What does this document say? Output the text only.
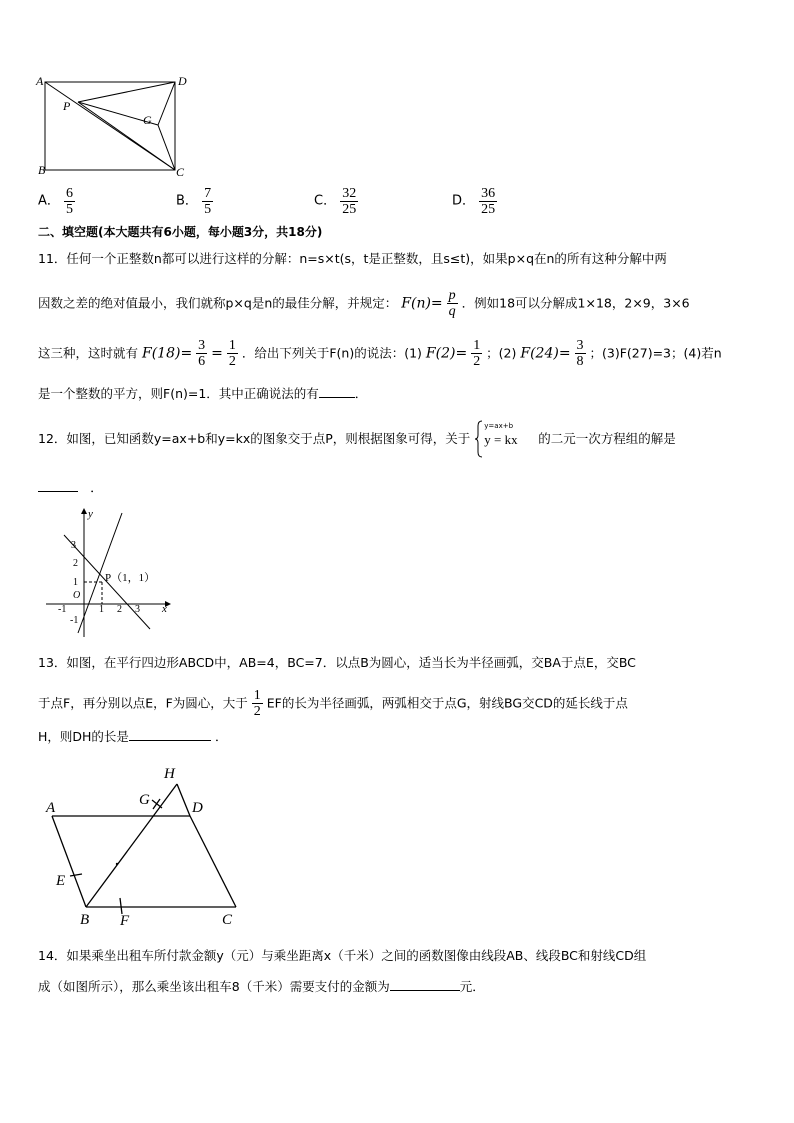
A	D
B	C
P
G
A． $\frac{6}{5}$	B． $\frac{7}{5}$	C． $\frac{32}{25}$	D． $\frac{36}{25}$
二、填空题(本大题共有6小题，每小题3分，共18分)
11．任何一个正整数n都可以进行这样的分解：n=s×t(s，t是正整数，且s≤t)，如果p×q在n的所有这种分解中两
因数之差的绝对值最小，我们就称p×q是n的最佳分解，并规定： $F(n)= \frac{p}{q}$ ．例如18可以分解成1×18，2×9，3×6
这三种，这时就有 $F(18)= \frac{3}{6} = \frac{1}{2}$ ．给出下列关于F(n)的说法：(1) $F(2)= \frac{1}{2}$ ；(2) $F(24)= \frac{3}{8}$ ；(3)F(27)=3；(4)若n
是一个整数的平方，则F(n)=1．其中正确说法的有	．
12．如图，已知函数y=ax+b和y=kx的图象交于点P，则根据图象可得，关于
y=ax+b
y = kx 的二元一次方程组的解是
．
y
x
O
-1	1 2 3
3
2
1
-1
P（1，1）
13．如图，在平行四边形ABCD中，AB=4，BC=7．以点B为圆心，适当长为半径画弧，交BA于点E，交BC
于点F，再分别以点E，F为圆心，大于 $\frac{1}{2}$ EF的长为半径画弧，两弧相交于点G，射线BG交CD的延长线于点
H，则DH的长是	．
A	D
B	C
E
F
G
H
14．如果乘坐出租车所付款金额y（元）与乘坐距离x（千米）之间的函数图像由线段AB、线段BC和射线CD组
成（如图所示），那么乘坐该出租车8（千米）需要支付的金额为	元．
